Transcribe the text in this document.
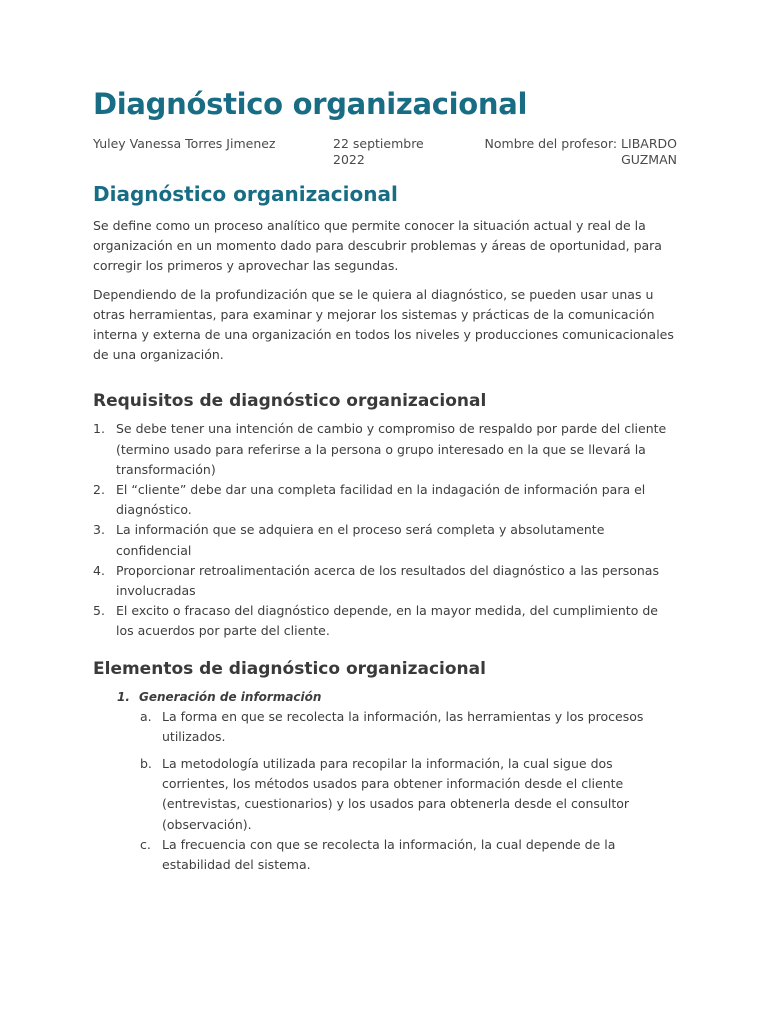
Diagnóstico organizacional
Yuley Vanessa Torres Jimenez	22 septiembre 2022
Nombre del profesor: LIBARDO GUZMAN
Diagnóstico organizacional

Se define como un proceso analítico que permite conocer la situación actual y real de la organización en un momento dado para descubrir problemas y áreas de oportunidad, para corregir los primeros y aprovechar las segundas.

Dependiendo de la profundización que se le quiera al diagnóstico, se pueden usar unas u otras herramientas, para examinar y mejorar los sistemas y prácticas de la comunicación interna y externa de una organización en todos los niveles y producciones comunicacionales de una organización.

Requisitos de diagnóstico organizacional
1. Se debe tener una intención de cambio y compromiso de respaldo por parde del cliente (termino usado para referirse a la persona o grupo interesado en la que se llevará la transformación)
2. El “cliente” debe dar una completa facilidad en la indagación de información para el diagnóstico.
3. La información que se adquiera en el proceso será completa y absolutamente confidencial
4. Proporcionar retroalimentación acerca de los resultados del diagnóstico a las personas involucradas
5. El excito o fracaso del diagnóstico depende, en la mayor medida, del cumplimiento de los acuerdos por parte del cliente.
Elementos de diagnóstico organizacional
1. Generación de información
a. La forma en que se recolecta la información, las herramientas y los procesos utilizados.
b. La metodología utilizada para recopilar la información, la cual sigue dos corrientes, los métodos usados para obtener información desde el cliente (entrevistas, cuestionarios) y los usados para obtenerla desde el consultor (observación).
c. La frecuencia con que se recolecta la información, la cual depende de la estabilidad del sistema.
